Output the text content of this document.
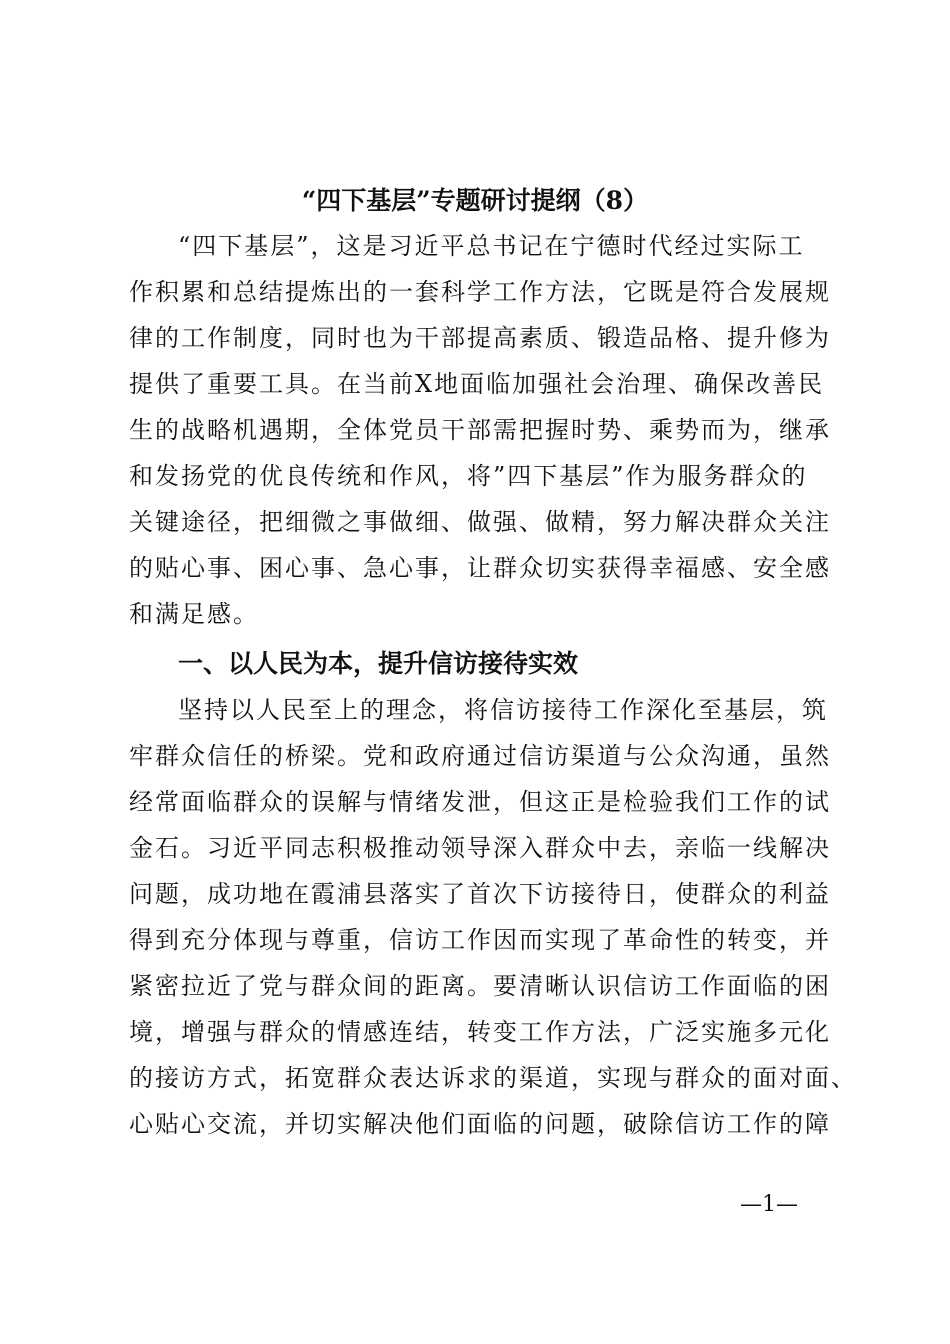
“四下基层”专题研讨提纲（8）
“四下基层”，这是习近平总书记在宁德时代经过实际工
作积累和总结提炼出的一套科学工作方法，它既是符合发展规
律的工作制度，同时也为干部提高素质、锻造品格、提升修为
提供了重要工具。在当前X地面临加强社会治理、确保改善民
生的战略机遇期，全体党员干部需把握时势、乘势而为，继承
和发扬党的优良传统和作风，将”四下基层”作为服务群众的
关键途径，把细微之事做细、做强、做精，努力解决群众关注
的贴心事、困心事、急心事，让群众切实获得幸福感、安全感
和满足感。
一、以人民为本，提升信访接待实效
坚持以人民至上的理念，将信访接待工作深化至基层，筑
牢群众信任的桥梁。党和政府通过信访渠道与公众沟通，虽然
经常面临群众的误解与情绪发泄，但这正是检验我们工作的试
金石。习近平同志积极推动领导深入群众中去，亲临一线解决
问题，成功地在霞浦县落实了首次下访接待日，使群众的利益
得到充分体现与尊重，信访工作因而实现了革命性的转变，并
紧密拉近了党与群众间的距离。要清晰认识信访工作面临的困
境，增强与群众的情感连结，转变工作方法，广泛实施多元化
的接访方式，拓宽群众表达诉求的渠道，实现与群众的面对面、
心贴心交流，并切实解决他们面临的问题，破除信访工作的障
—1—
